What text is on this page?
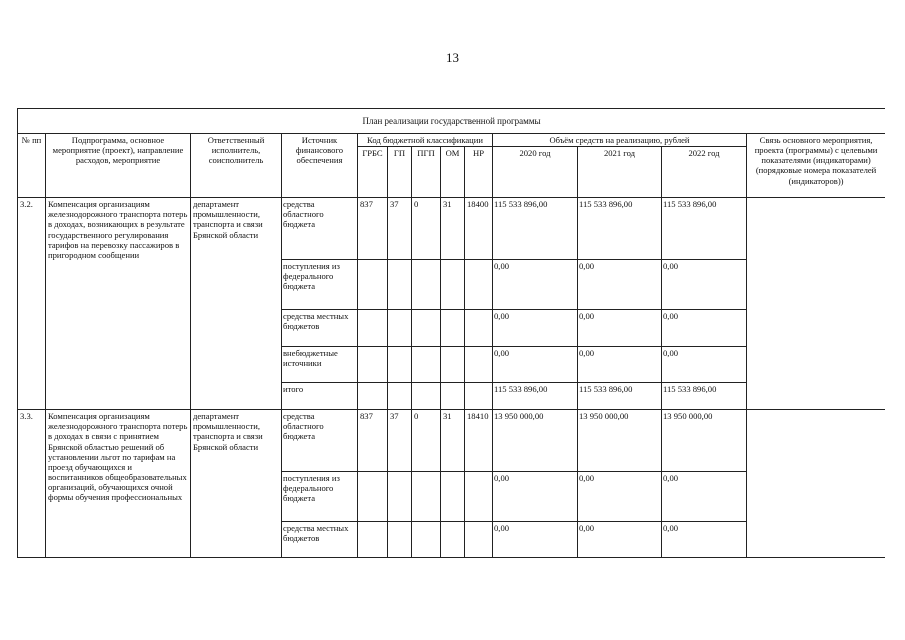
13
План реализации государственной программы												
№ пп	Подпрограмма, основное мероприятие (проект), направление расходов, мероприятие	Ответственный исполнитель, соисполнитель	Источник финансового обеспечения	Код бюджетной классификации					Объём средств на реализацию, рублей			Связь основного мероприятия, проекта (программы) с целевыми показателями (индикаторами) (порядковые номера показателей (индикаторов))
				ГРБС	ГП	ПГП	ОМ	НР	2020 год	2021 год	2022 год	
3.2.	Компенсация организациям железнодорожного транспорта потерь в доходах, возникающих в результате государственного регулирования тарифов на перевозку пассажиров в пригородном сообщении	департамент промышленности, транспорта и связи Брянской области	средства областного бюджета	837	37	0	31	18400	115 533 896,00	115 533 896,00	115 533 896,00	
			поступления из федерального бюджета						0,00	0,00	0,00	
			средства местных бюджетов						0,00	0,00	0,00	
			внебюджетные источники						0,00	0,00	0,00	
			итого						115 533 896,00	115 533 896,00	115 533 896,00	
3.3.	Компенсация организациям железнодорожного транспорта потерь в доходах в связи с принятием Брянской областью решений об установлении льгот по тарифам на проезд обучающихся и воспитанников общеобразовательных организаций, обучающихся очной формы обучения профессиональных	департамент промышленности, транспорта и связи Брянской области	средства областного бюджета	837	37	0	31	18410	13 950 000,00	13 950 000,00	13 950 000,00	
			поступления из федерального бюджета						0,00	0,00	0,00	
			средства местных бюджетов						0,00	0,00	0,00	
